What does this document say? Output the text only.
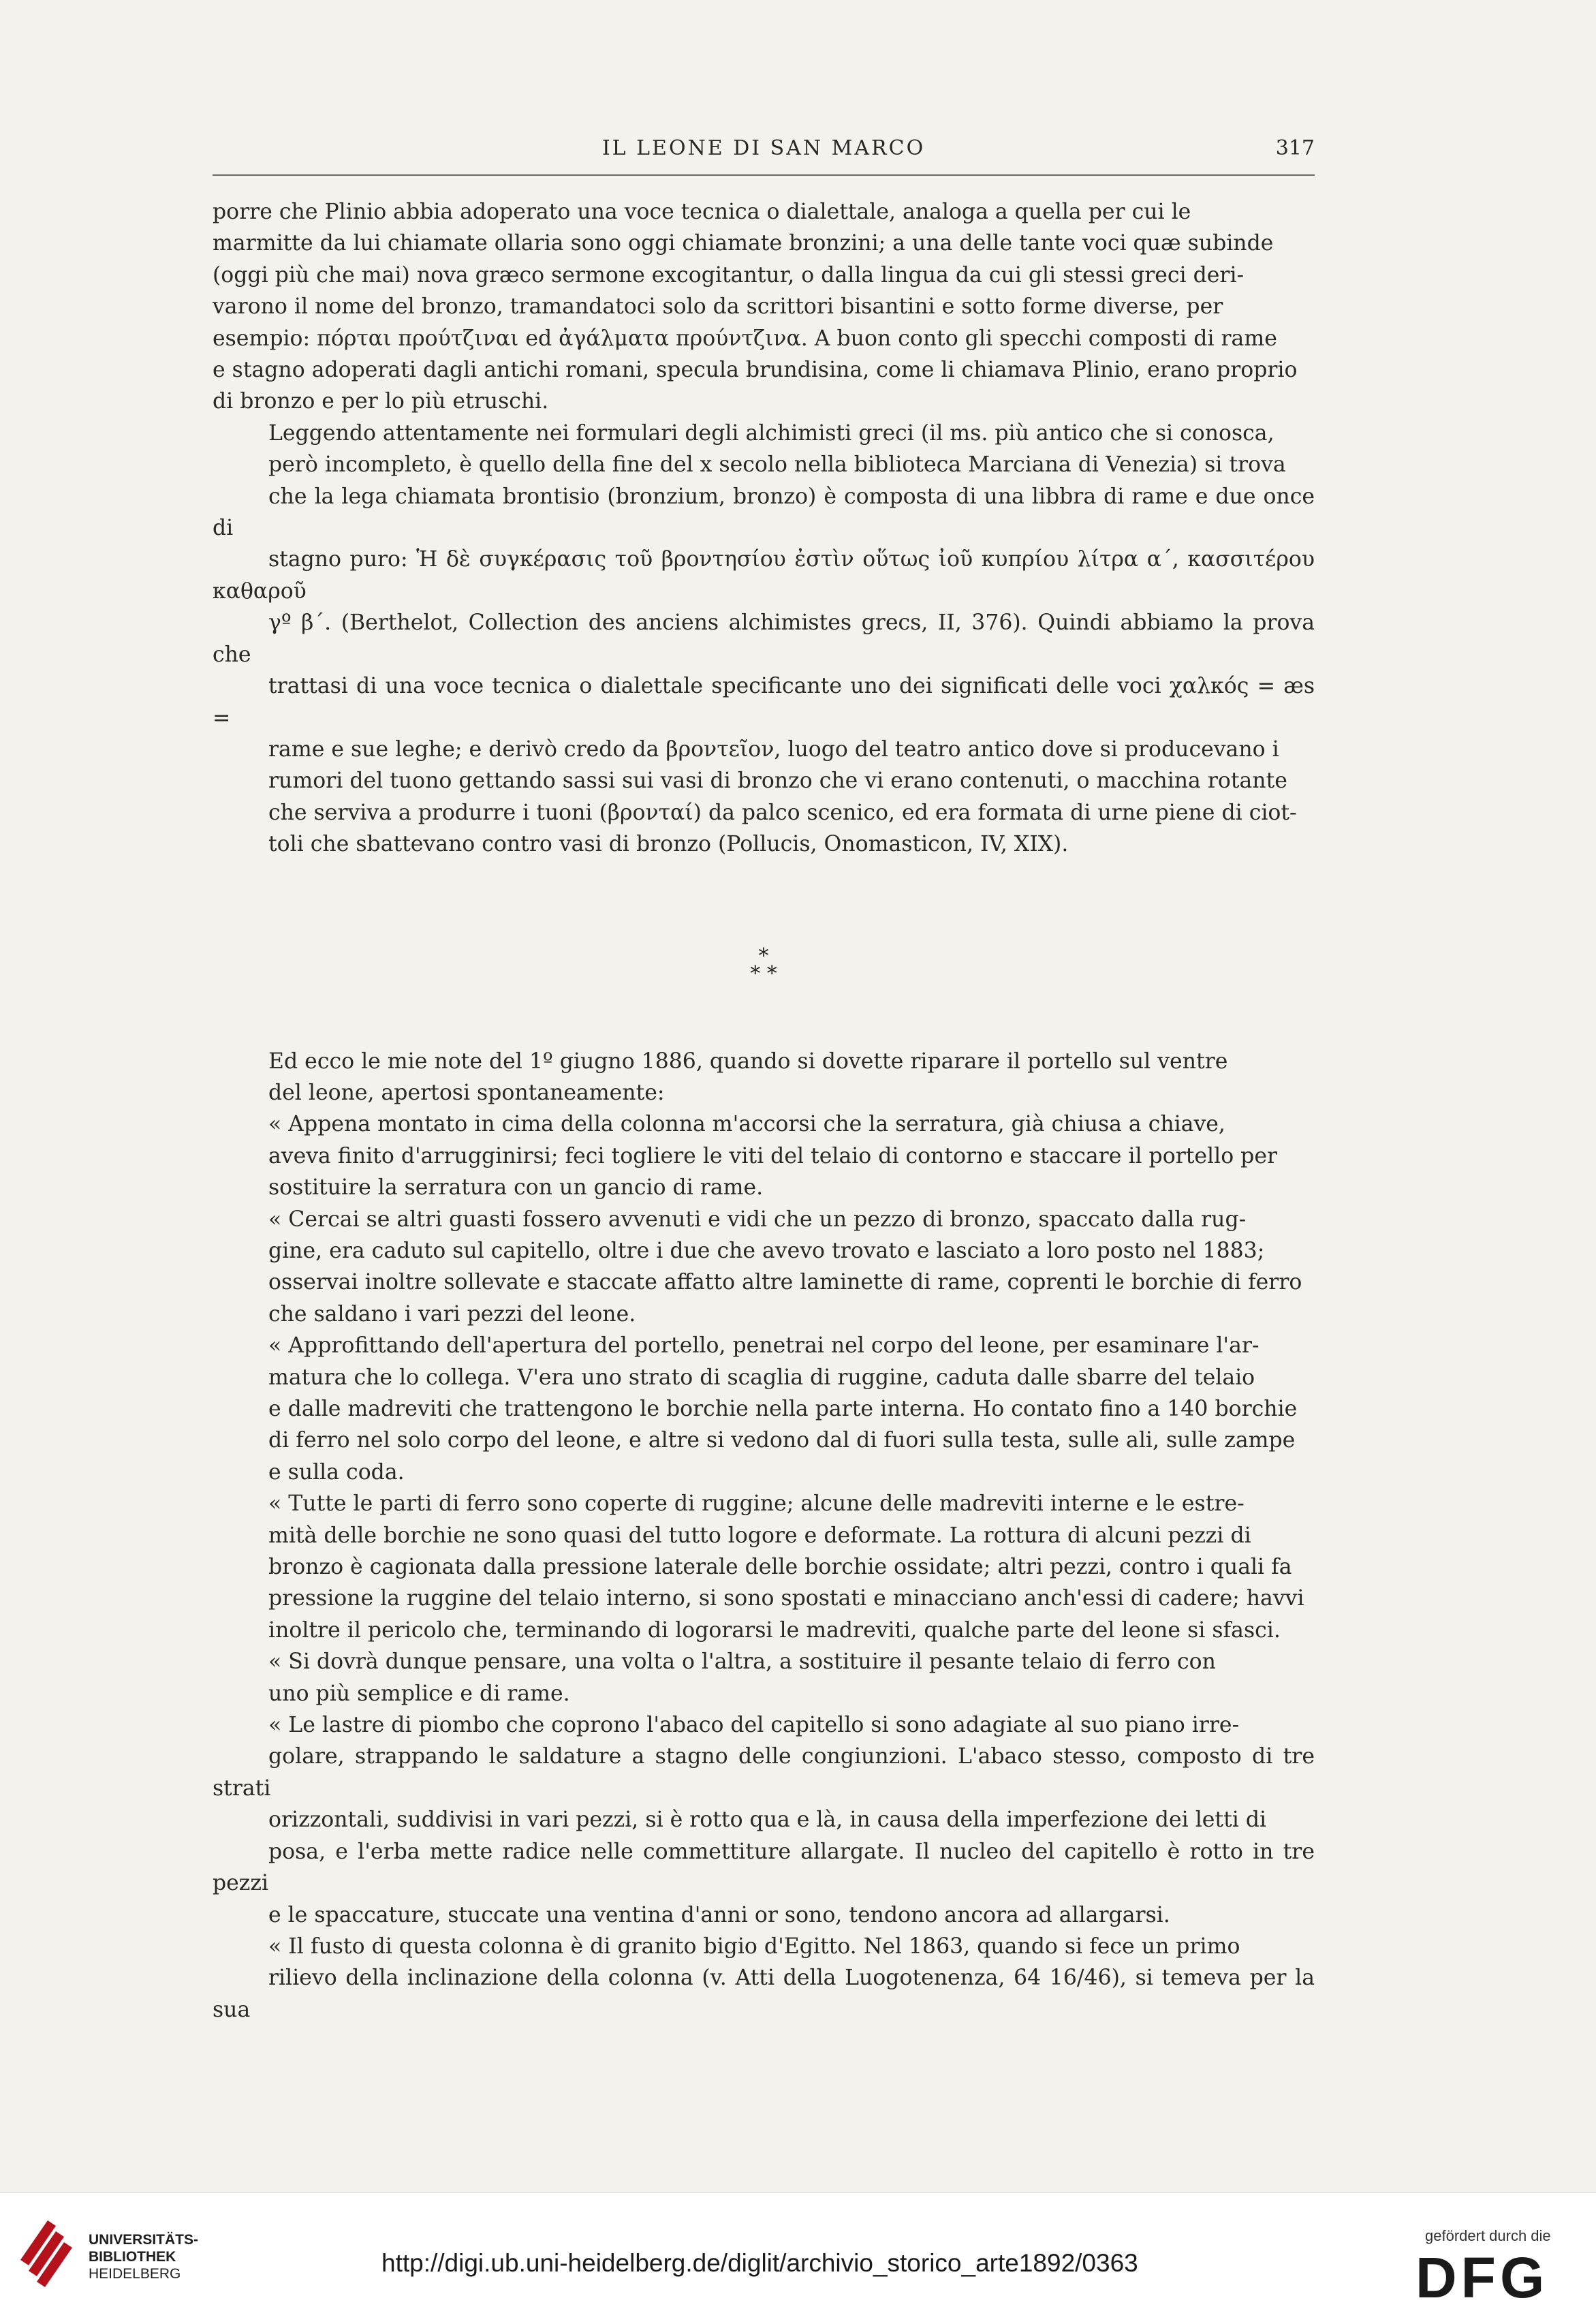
IL LEONE DI SAN MARCO	317

porre che Plinio abbia adoperato una voce tecnica o dialettale, analoga a quella per cui le
marmitte da lui chiamate ollaria sono oggi chiamate bronzini; a una delle tante voci quæ subinde
(oggi più che mai) nova græco sermone excogitantur, o dalla lingua da cui gli stessi greci deri-
varono il nome del bronzo, tramandatoci solo da scrittori bisantini e sotto forme diverse, per
esempio: πόρται προύτζιναι ed ἀγάλματα προύντζινα. A buon conto gli specchi composti di rame
e stagno adoperati dagli antichi romani, specula brundisina, come li chiamava Plinio, erano proprio
di bronzo e per lo più etruschi.

Leggendo attentamente nei formulari degli alchimisti greci (il ms. più antico che si conosca,
però incompleto, è quello della fine del x secolo nella biblioteca Marciana di Venezia) si trova
che la lega chiamata brontisio (bronzium, bronzo) è composta di una libbra di rame e due once di
stagno puro: Ἡ δὲ συγκέρασις τοῦ βροντησίου ἐστὶν οὕτως ἰοῦ κυπρίου λίτρα α΄, κασσιτέρου καθαροῦ
γº β΄. (Berthelot, Collection des anciens alchimistes grecs, II, 376). Quindi abbiamo la prova che
trattasi di una voce tecnica o dialettale specificante uno dei significati delle voci χαλκός = æs =
rame e sue leghe; e derivò credo da βροντεῖον, luogo del teatro antico dove si producevano i
rumori del tuono gettando sassi sui vasi di bronzo che vi erano contenuti, o macchina rotante
che serviva a produrre i tuoni (βρονταί) da palco scenico, ed era formata di urne piene di ciot-
toli che sbattevano contro vasi di bronzo (Pollucis, Onomasticon, IV, XIX).

*
* *

Ed ecco le mie note del 1º giugno 1886, quando si dovette riparare il portello sul ventre
del leone, apertosi spontaneamente:

« Appena montato in cima della colonna m'accorsi che la serratura, già chiusa a chiave,
aveva finito d'arrugginirsi; feci togliere le viti del telaio di contorno e staccare il portello per
sostituire la serratura con un gancio di rame.

« Cercai se altri guasti fossero avvenuti e vidi che un pezzo di bronzo, spaccato dalla rug-
gine, era caduto sul capitello, oltre i due che avevo trovato e lasciato a loro posto nel 1883;
osservai inoltre sollevate e staccate affatto altre laminette di rame, coprenti le borchie di ferro
che saldano i vari pezzi del leone.

« Approfittando dell'apertura del portello, penetrai nel corpo del leone, per esaminare l'ar-
matura che lo collega. V'era uno strato di scaglia di ruggine, caduta dalle sbarre del telaio
e dalle madreviti che trattengono le borchie nella parte interna. Ho contato fino a 140 borchie
di ferro nel solo corpo del leone, e altre si vedono dal di fuori sulla testa, sulle ali, sulle zampe
e sulla coda.

« Tutte le parti di ferro sono coperte di ruggine; alcune delle madreviti interne e le estre-
mità delle borchie ne sono quasi del tutto logore e deformate. La rottura di alcuni pezzi di
bronzo è cagionata dalla pressione laterale delle borchie ossidate; altri pezzi, contro i quali fa
pressione la ruggine del telaio interno, si sono spostati e minacciano anch'essi di cadere; havvi
inoltre il pericolo che, terminando di logorarsi le madreviti, qualche parte del leone si sfasci.

« Si dovrà dunque pensare, una volta o l'altra, a sostituire il pesante telaio di ferro con
uno più semplice e di rame.

« Le lastre di piombo che coprono l'abaco del capitello si sono adagiate al suo piano irre-
golare, strappando le saldature a stagno delle congiunzioni. L'abaco stesso, composto di tre strati
orizzontali, suddivisi in vari pezzi, si è rotto qua e là, in causa della imperfezione dei letti di
posa, e l'erba mette radice nelle commettiture allargate. Il nucleo del capitello è rotto in tre pezzi
e le spaccature, stuccate una ventina d'anni or sono, tendono ancora ad allargarsi.

« Il fusto di questa colonna è di granito bigio d'Egitto. Nel 1863, quando si fece un primo
rilievo della inclinazione della colonna (v. Atti della Luogotenenza, 64 16/46), si temeva per la sua

UNIVERSITÄTS-
BIBLIOTHEK
HEIDELBERG	http://digi.ub.uni-heidelberg.de/diglit/archivio_storico_arte1892/0363
gefördert durch die
DFG
